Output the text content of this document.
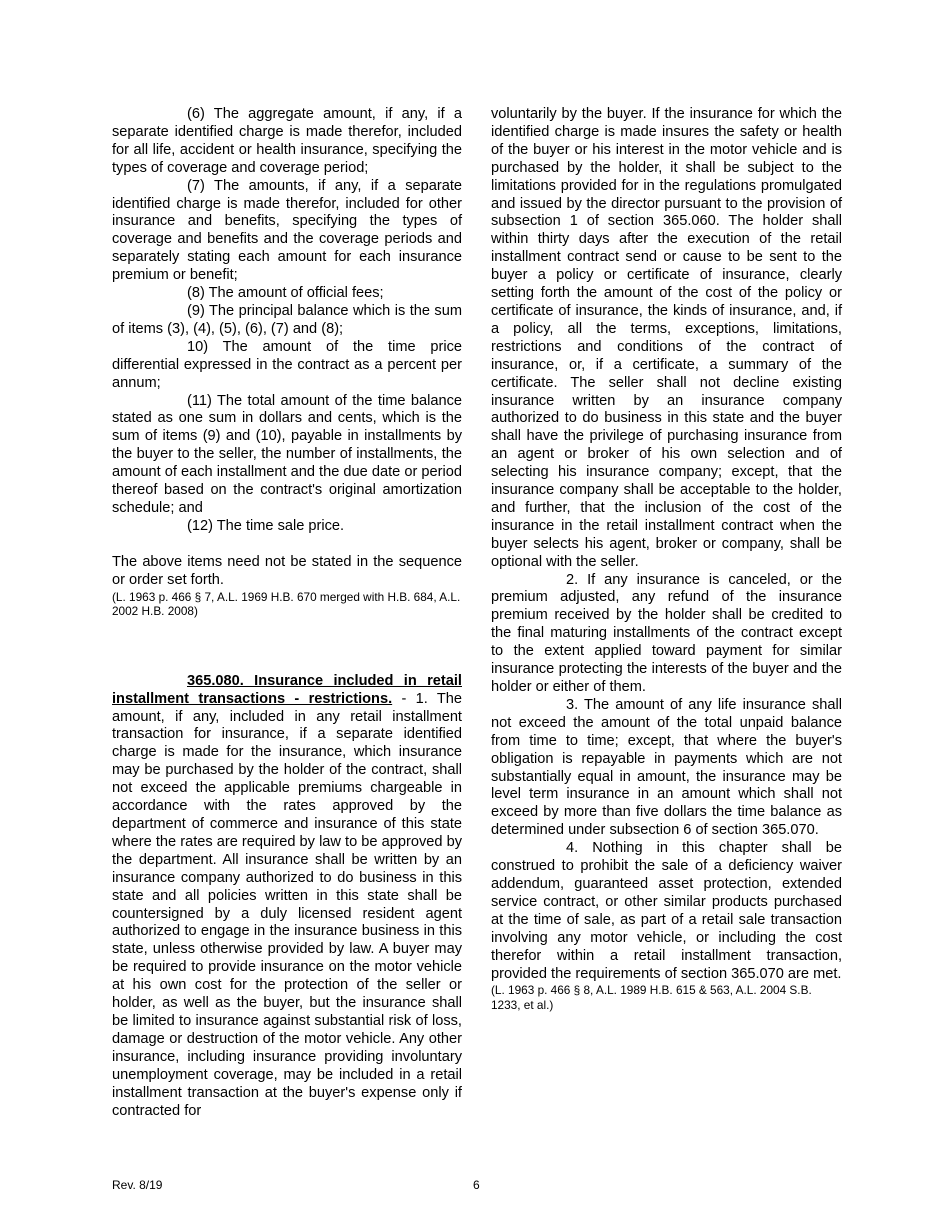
(6) The aggregate amount, if any, if a separate identified charge is made therefor, included for all life, accident or health insurance, specifying the types of coverage and coverage period;

(7) The amounts, if any, if a separate identified charge is made therefor, included for other insurance and benefits, specifying the types of coverage and benefits and the coverage periods and separately stating each amount for each insurance premium or benefit;

(8) The amount of official fees;

(9) The principal balance which is the sum of items (3), (4), (5), (6), (7) and (8);

10) The amount of the time price differential expressed in the contract as a percent per annum;

(11) The total amount of the time balance stated as one sum in dollars and cents, which is the sum of items (9) and (10), payable in installments by the buyer to the seller, the number of installments, the amount of each installment and the due date or period thereof based on the contract's original amortization schedule; and

(12) The time sale price.

The above items need not be stated in the sequence or order set forth.

(L. 1963 p. 466 § 7, A.L. 1969 H.B. 670 merged with H.B. 684, A.L. 2002 H.B. 2008)

365.080. Insurance included in retail installment transactions - restrictions. - 1. The amount, if any, included in any retail installment transaction for insurance, if a separate identified charge is made for the insurance, which insurance may be purchased by the holder of the contract, shall not exceed the applicable premiums chargeable in accordance with the rates approved by the department of commerce and insurance of this state where the rates are required by law to be approved by the department. All insurance shall be written by an insurance company authorized to do business in this state and all policies written in this state shall be countersigned by a duly licensed resident agent authorized to engage in the insurance business in this state, unless otherwise provided by law. A buyer may be required to provide insurance on the motor vehicle at his own cost for the protection of the seller or holder, as well as the buyer, but the insurance shall be limited to insurance against substantial risk of loss, damage or destruction of the motor vehicle. Any other insurance, including insurance providing involuntary unemployment coverage, may be included in a retail installment transaction at the buyer's expense only if contracted for

voluntarily by the buyer. If the insurance for which the identified charge is made insures the safety or health of the buyer or his interest in the motor vehicle and is purchased by the holder, it shall be subject to the limitations provided for in the regulations promulgated and issued by the director pursuant to the provision of subsection 1 of section 365.060. The holder shall within thirty days after the execution of the retail installment contract send or cause to be sent to the buyer a policy or certificate of insurance, clearly setting forth the amount of the cost of the policy or certificate of insurance, the kinds of insurance, and, if a policy, all the terms, exceptions, limitations, restrictions and conditions of the contract of insurance, or, if a certificate, a summary of the certificate. The seller shall not decline existing insurance written by an insurance company authorized to do business in this state and the buyer shall have the privilege of purchasing insurance from an agent or broker of his own selection and of selecting his insurance company; except, that the insurance company shall be acceptable to the holder, and further, that the inclusion of the cost of the insurance in the retail installment contract when the buyer selects his agent, broker or company, shall be optional with the seller.

2. If any insurance is canceled, or the premium adjusted, any refund of the insurance premium received by the holder shall be credited to the final maturing installments of the contract except to the extent applied toward payment for similar insurance protecting the interests of the buyer and the holder or either of them.

3. The amount of any life insurance shall not exceed the amount of the total unpaid balance from time to time; except, that where the buyer's obligation is repayable in payments which are not substantially equal in amount, the insurance may be level term insurance in an amount which shall not exceed by more than five dollars the time balance as determined under subsection 6 of section 365.070.

4. Nothing in this chapter shall be construed to prohibit the sale of a deficiency waiver addendum, guaranteed asset protection, extended service contract, or other similar products purchased at the time of sale, as part of a retail sale transaction involving any motor vehicle, or including the cost therefor within a retail installment transaction, provided the requirements of section 365.070 are met.

(L. 1963 p. 466 § 8, A.L. 1989 H.B. 615 & 563, A.L. 2004 S.B. 1233, et al.)

Rev. 8/19	6
